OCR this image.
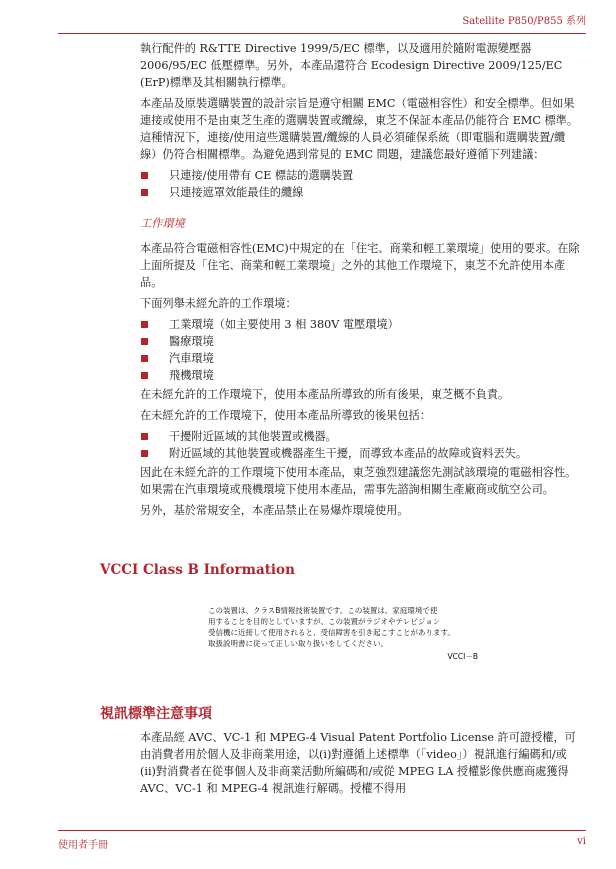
Satellite P850/P855 系列

執行配件的 R&TTE Directive 1999/5/EC 標準，以及適用於隨附電源變壓器 2006/95/EC 低壓標準。另外，本產品還符合 Ecodesign Directive 2009/125/EC (ErP)標準及其相關執行標準。

本產品及原裝選購裝置的設計宗旨是遵守相關 EMC（電磁相容性）和安全標準。但如果連接或使用不是由東芝生產的選購裝置或纜線，東芝不保証本產品仍能符合 EMC 標準。這種情況下，連接/使用這些選購裝置/纜線的人員必須確保系統（即電腦和選購裝置/纜線）仍符合相關標準。為避免遇到常見的 EMC 問題，建議您最好遵循下列建議：

只連接/使用帶有 CE 標誌的選購裝置
只連接遮罩效能最佳的纜線
工作環境

本產品符合電磁相容性(EMC)中規定的在「住宅、商業和輕工業環境」使用的要求。在除上面所提及「住宅、商業和輕工業環境」之外的其他工作環境下，東芝不允許使用本產品。

下面列舉未經允許的工作環境：

工業環境（如主要使用 3 相 380V 電壓環境）
醫療環境
汽車環境
飛機環境

在未經允許的工作環境下，使用本產品所導致的所有後果，東芝概不負責。

在未經允許的工作環境下，使用本產品所導致的後果包括：

干擾附近區域的其他裝置或機器。
附近區域的其他裝置或機器產生干擾，而導致本產品的故障或資料丟失。

因此在未經允許的工作環境下使用本產品，東芝強烈建議您先測試該環境的電磁相容性。如果需在汽車環境或飛機環境下使用本產品，需事先諮詢相關生產廠商或航空公司。

另外，基於常規安全，本產品禁止在易爆炸環境使用。

VCCI Class B Information
この装置は、クラスB情報技術装置です。この装置は、家庭環境で使
用することを目的としていますが、この装置がラジオやテレビジョン
受信機に近接して使用されると、受信障害を引き起こすことがあります。
取扱説明書に従って正しい取り扱いをしてください。
VCCI－B
視訊標準注意事項

本產品經 AVC、VC-1 和 MPEG-4 Visual Patent Portfolio License 許可證授權，可由消費者用於個人及非商業用途，以(i)對遵循上述標準（「video」）視訊進行編碼和/或(ii)對消費者在從事個人及非商業活動所編碼和/或從 MPEG LA 授權影像供應商處獲得 AVC、VC-1 和 MPEG-4 視訊進行解碼。授權不得用

使用者手冊	vi
